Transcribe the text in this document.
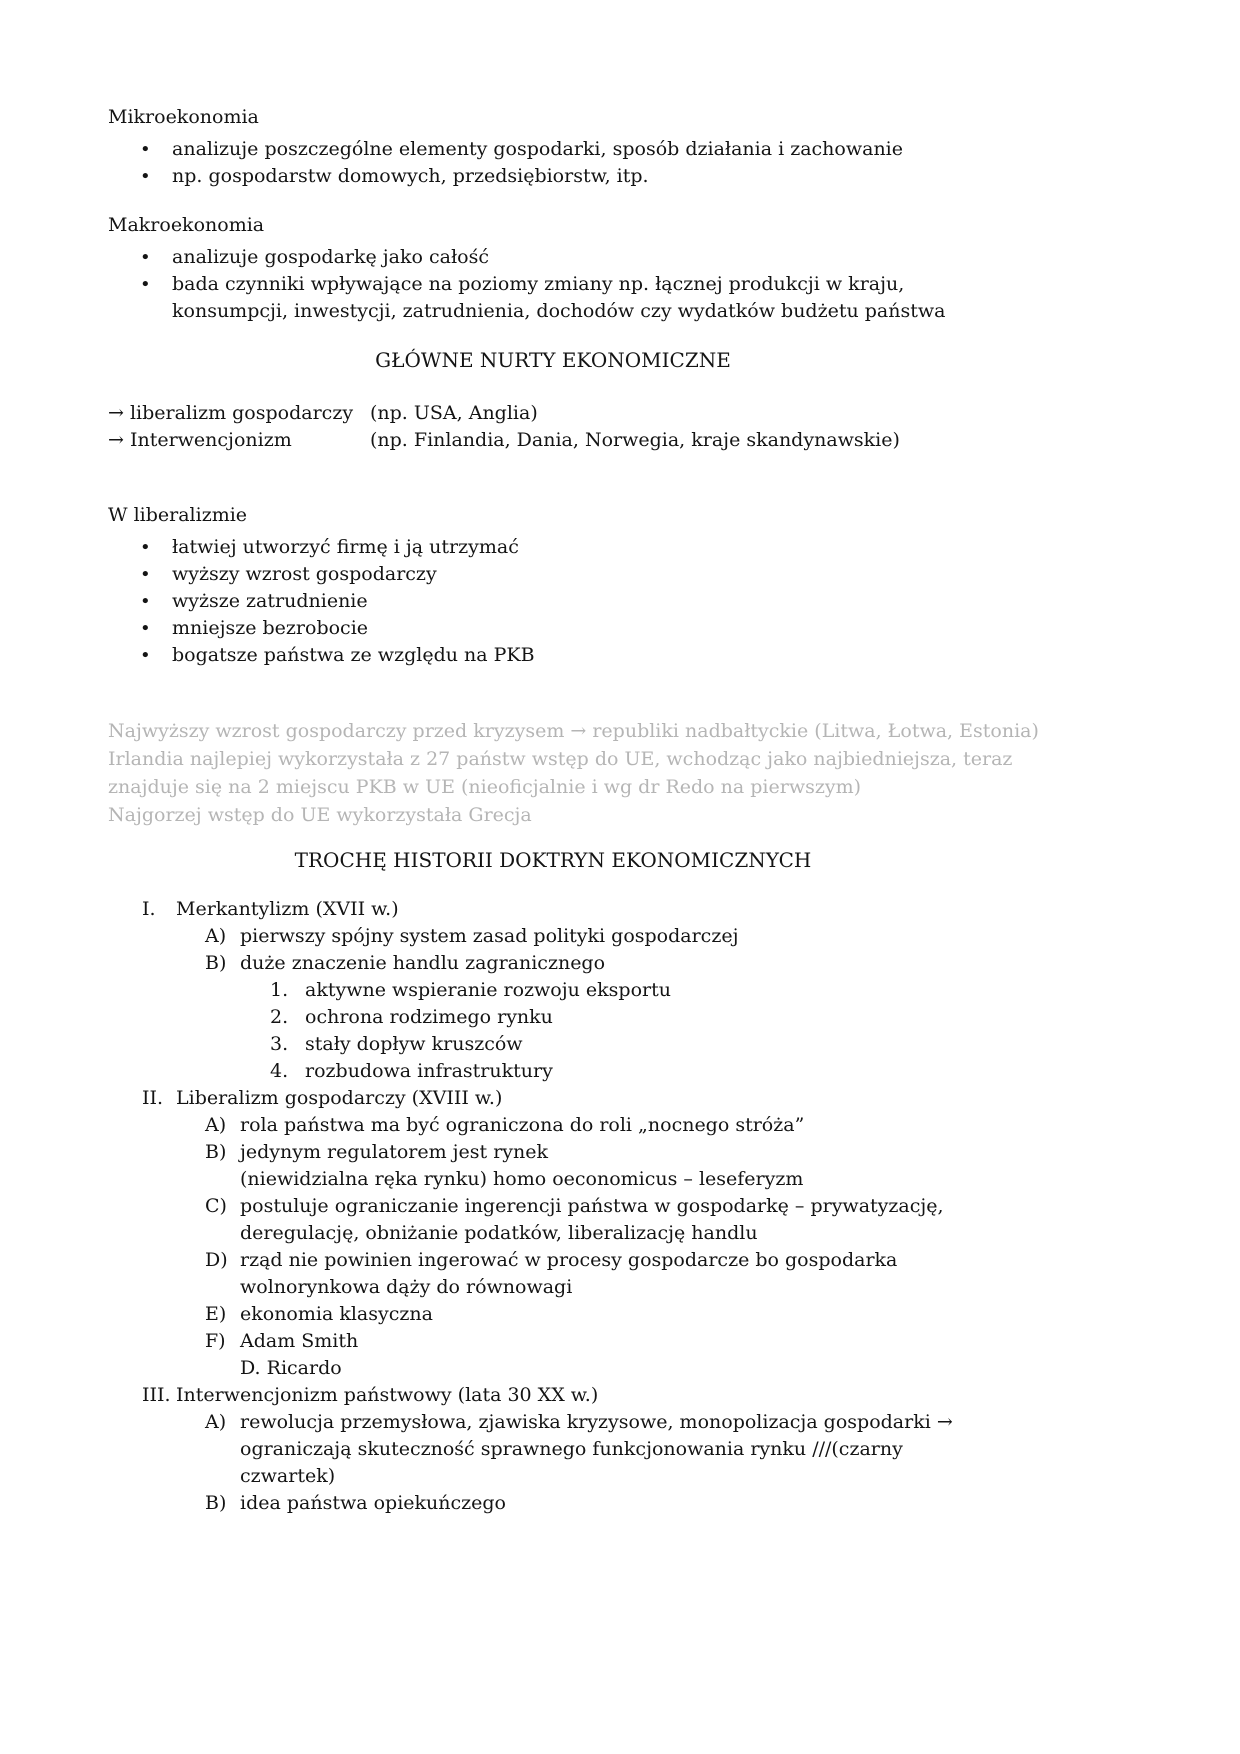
Mikroekonomia
•
analizuje poszczególne elementy gospodarki, sposób działania i zachowanie
•
np. gospodarstw domowych, przedsiębiorstw, itp.
Makroekonomia
•
analizuje gospodarkę jako całość
•
bada czynniki wpływające na poziomy zmiany np. łącznej produkcji w kraju, konsumpcji, inwestycji, zatrudnienia, dochodów czy wydatków budżetu państwa
GŁÓWNE NURTY EKONOMICZNE
→ liberalizm gospodarczy (np. USA, Anglia)
→ Interwencjonizm	(np. Finlandia, Dania, Norwegia, kraje skandynawskie)
W liberalizmie
•
łatwiej utworzyć firmę i ją utrzymać
•
wyższy wzrost gospodarczy
•
wyższe zatrudnienie
•
mniejsze bezrobocie
•
bogatsze państwa ze względu na PKB
Najwyższy wzrost gospodarczy przed kryzysem → republiki nadbałtyckie (Litwa, Łotwa, Estonia)
Irlandia najlepiej wykorzystała z 27 państw wstęp do UE, wchodząc jako najbiedniejsza, teraz
znajduje się na 2 miejscu PKB w UE (nieoficjalnie i wg dr Redo na pierwszym)
Najgorzej wstęp do UE wykorzystała Grecja
TROCHĘ HISTORII DOKTRYN EKONOMICZNYCH
I.	Merkantylizm (XVII w.)
A) pierwszy spójny system zasad polityki gospodarczej
B) duże znaczenie handlu zagranicznego
1. aktywne wspieranie rozwoju eksportu
2. ochrona rodzimego rynku
3. stały dopływ kruszców
4. rozbudowa infrastruktury
II. Liberalizm gospodarczy (XVIII w.)
A) rola państwa ma być ograniczona do roli „nocnego stróża”
B) jedynym regulatorem jest rynek
(niewidzialna ręka rynku) homo oeconomicus – leseferyzm
C) postuluje ograniczanie ingerencji państwa w gospodarkę – prywatyzację, deregulację, obniżanie podatków, liberalizację handlu
D) rząd nie powinien ingerować w procesy gospodarcze bo gospodarka wolnorynkowa dąży do równowagi
E) ekonomia klasyczna
F) Adam Smith
D. Ricardo
III. Interwencjonizm państwowy (lata 30 XX w.)
A) rewolucja przemysłowa, zjawiska kryzysowe, monopolizacja gospodarki → ograniczają skuteczność sprawnego funkcjonowania rynku ///(czarny czwartek)
B) idea państwa opiekuńczego
